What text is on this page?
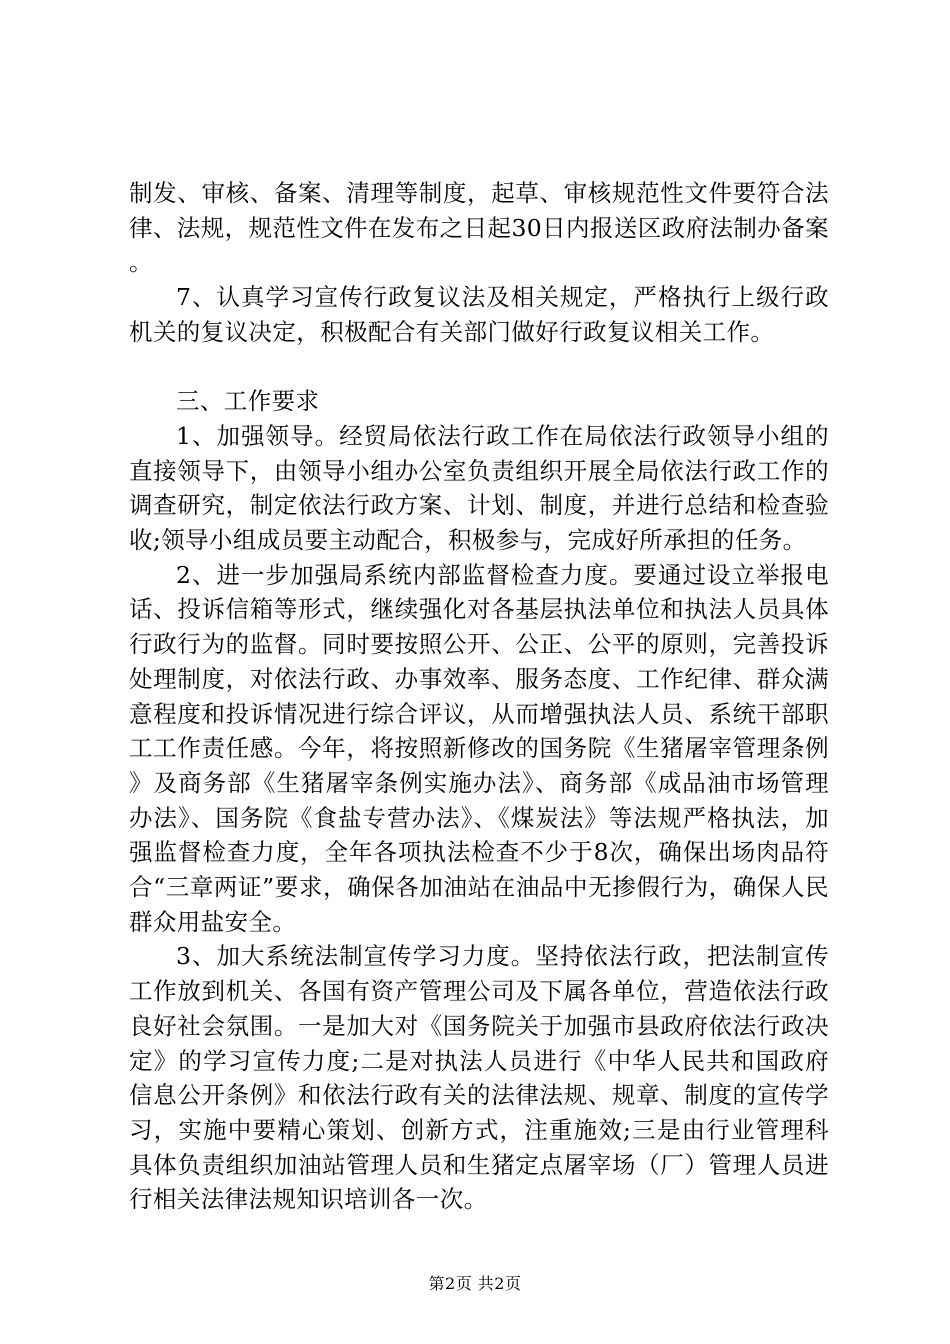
制发、审核、备案、清理等制度，起草、审核规范性文件要符合法律、法规，规范性文件在发布之日起30日内报送区政府法制办备案。

7、认真学习宣传行政复议法及相关规定，严格执行上级行政机关的复议决定，积极配合有关部门做好行政复议相关工作。

三、工作要求

1、加强领导。经贸局依法行政工作在局依法行政领导小组的直接领导下，由领导小组办公室负责组织开展全局依法行政工作的调查研究，制定依法行政方案、计划、制度，并进行总结和检查验收;领导小组成员要主动配合，积极参与，完成好所承担的任务。

2、进一步加强局系统内部监督检查力度。要通过设立举报电话、投诉信箱等形式，继续强化对各基层执法单位和执法人员具体行政行为的监督。同时要按照公开、公正、公平的原则，完善投诉处理制度，对依法行政、办事效率、服务态度、工作纪律、群众满意程度和投诉情况进行综合评议，从而增强执法人员、系统干部职工工作责任感。今年，将按照新修改的国务院《生猪屠宰管理条例》及商务部《生猪屠宰条例实施办法》、商务部《成品油市场管理办法》、国务院《食盐专营办法》、《煤炭法》等法规严格执法，加强监督检查力度，全年各项执法检查不少于8次，确保出场肉品符合“三章两证”要求，确保各加油站在油品中无掺假行为，确保人民群众用盐安全。

3、加大系统法制宣传学习力度。坚持依法行政，把法制宣传工作放到机关、各国有资产管理公司及下属各单位，营造依法行政良好社会氛围。一是加大对《国务院关于加强市县政府依法行政决定》的学习宣传力度;二是对执法人员进行《中华人民共和国政府信息公开条例》和依法行政有关的法律法规、规章、制度的宣传学习，实施中要精心策划、创新方式，注重施效;三是由行业管理科具体负责组织加油站管理人员和生猪定点屠宰场（厂）管理人员进行相关法律法规知识培训各一次。

第2页 共2页
